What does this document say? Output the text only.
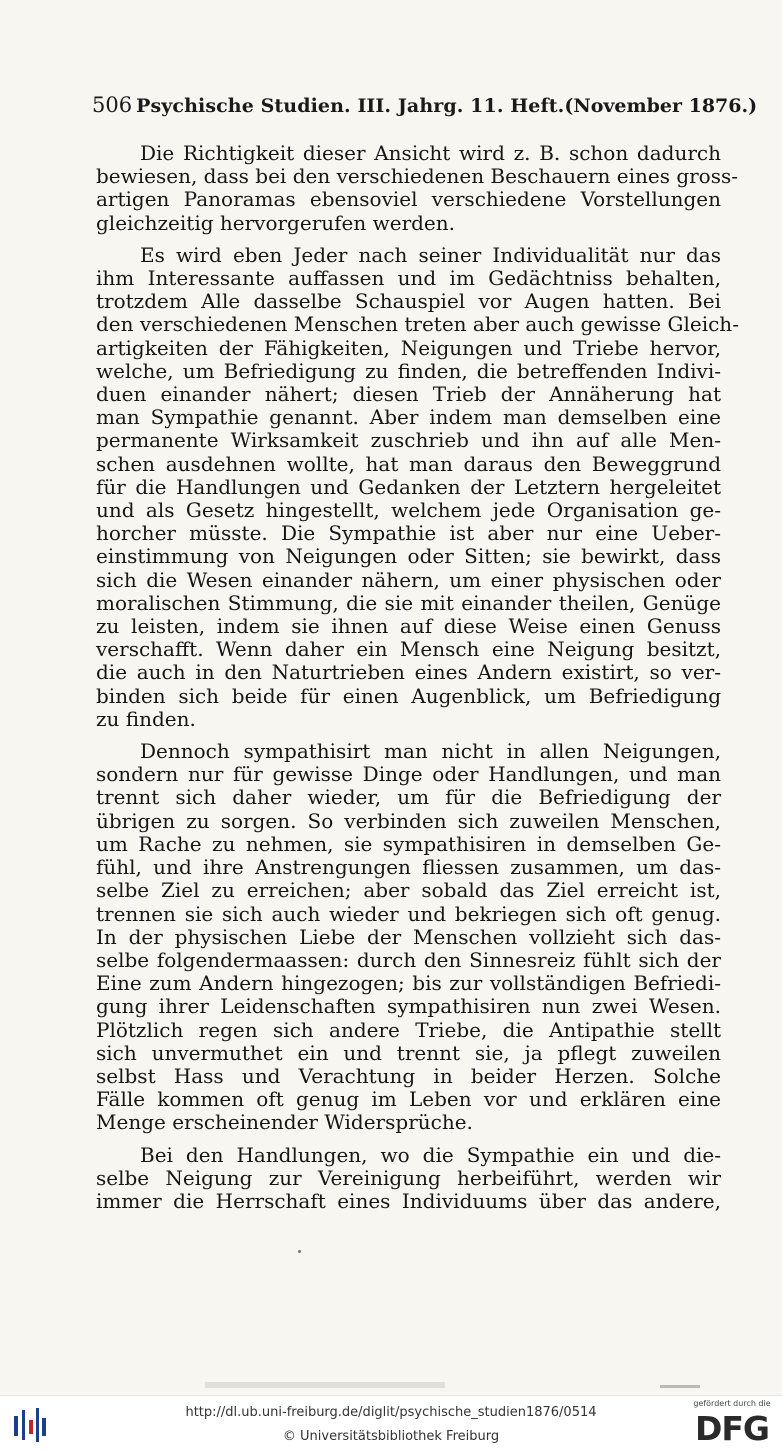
506 Psychische Studien. III. Jahrg. 11. Heft. (November 1876.)
Die Richtigkeit dieser Ansicht wird z. B. schon dadurch
bewiesen, dass bei den verschiedenen Beschauern eines gross-
artigen Panoramas ebensoviel verschiedene Vorstellungen
gleichzeitig hervorgerufen werden.
Es wird eben Jeder nach seiner Individualität nur das
ihm Interessante auffassen und im Gedächtniss behalten,
trotzdem Alle dasselbe Schauspiel vor Augen hatten. Bei
den verschiedenen Menschen treten aber auch gewisse Gleich-
artigkeiten der Fähigkeiten, Neigungen und Triebe hervor,
welche, um Befriedigung zu finden, die betreffenden Indivi-
duen einander nähert; diesen Trieb der Annäherung hat
man Sympathie genannt. Aber indem man demselben eine
permanente Wirksamkeit zuschrieb und ihn auf alle Men-
schen ausdehnen wollte, hat man daraus den Beweggrund
für die Handlungen und Gedanken der Letztern hergeleitet
und als Gesetz hingestellt, welchem jede Organisation ge-
horcher müsste. Die Sympathie ist aber nur eine Ueber-
einstimmung von Neigungen oder Sitten; sie bewirkt, dass
sich die Wesen einander nähern, um einer physischen oder
moralischen Stimmung, die sie mit einander theilen, Genüge
zu leisten, indem sie ihnen auf diese Weise einen Genuss
verschafft. Wenn daher ein Mensch eine Neigung besitzt,
die auch in den Naturtrieben eines Andern existirt, so ver-
binden sich beide für einen Augenblick, um Befriedigung
zu finden.
Dennoch sympathisirt man nicht in allen Neigungen,
sondern nur für gewisse Dinge oder Handlungen, und man
trennt sich daher wieder, um für die Befriedigung der
übrigen zu sorgen. So verbinden sich zuweilen Menschen,
um Rache zu nehmen, sie sympathisiren in demselben Ge-
fühl, und ihre Anstrengungen fliessen zusammen, um das-
selbe Ziel zu erreichen; aber sobald das Ziel erreicht ist,
trennen sie sich auch wieder und bekriegen sich oft genug.
In der physischen Liebe der Menschen vollzieht sich das-
selbe folgendermaassen: durch den Sinnesreiz fühlt sich der
Eine zum Andern hingezogen; bis zur vollständigen Befriedi-
gung ihrer Leidenschaften sympathisiren nun zwei Wesen.
Plötzlich regen sich andere Triebe, die Antipathie stellt
sich unvermuthet ein und trennt sie, ja pflegt zuweilen
selbst Hass und Verachtung in beider Herzen. Solche
Fälle kommen oft genug im Leben vor und erklären eine
Menge erscheinender Widersprüche.
Bei den Handlungen, wo die Sympathie ein und die-
selbe Neigung zur Vereinigung herbeiführt, werden wir
immer die Herrschaft eines Individuums über das andere,
http://dl.ub.uni-freiburg.de/diglit/psychische_studien1876/0514
© Universitätsbibliothek Freiburg
gefördert durch die
DFG
